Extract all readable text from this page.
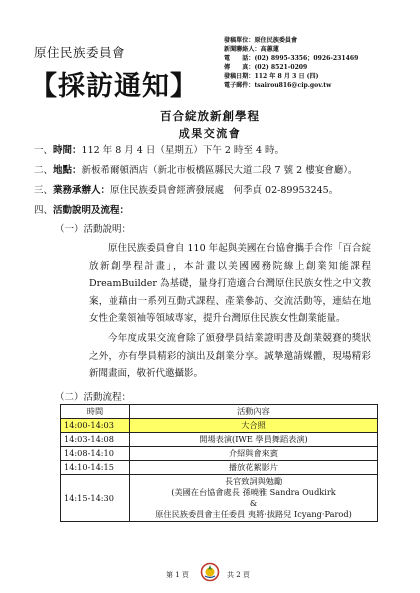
原住民族委員會
【採訪通知】
發稿單位：原住民族委員會
新聞聯絡人：高蕙蓮
電　　話：(02) 8995-3356；0926-231469
傳　　真：(02) 8521-0209
發稿日期：112 年 8 月 3 日 (四)
電子郵件：tsairou816@cip.gov.tw
百合綻放新創學程
成果交流會
一、時間：112 年 8 月 4 日（星期五）下午 2 時至 4 時。
二、地點：新板希爾頓酒店（新北市板橋區縣民大道二段 7 號 2 樓宴會廳）。
三、業務承辦人：原住民族委員會經濟發展處　何季貞 02-89953245。
四、活動說明及流程：
（一）活動說明：
原住民族委員會自 110 年起與美國在台協會攜手合作「百合綻放新創學程計畫」，本計畫以美國國務院線上創業知能課程 DreamBuilder 為基礎，量身打造適合台灣原住民族女性之中文教案，並藉由一系列互動式課程、產業參訪、交流活動等，連結在地女性企業領袖等領域專家，提升台灣原住民族女性創業能量。
今年度成果交流會除了頒發學員結業證明書及創業競賽的獎狀之外，亦有學員精彩的演出及創業分享。誠摯邀請媒體，現場精彩新聞畫面，敬祈代邀攝影。
（二）活動流程：
時間	活動內容
14:00-14:03	大合照
14:03-14:08	開場表演(IWE 學員舞蹈表演)
14:08-14:10	介紹與會來賓
14:10-14:15	播放花絮影片
14:15-14:30	長官致詞與勉勵
(美國在台協會處長 孫曉雅 Sandra Oudkirk
&
原住民族委員會主任委員 夷將·拔路兒 Icyang·Parod)
第 1 頁	共 2 頁
